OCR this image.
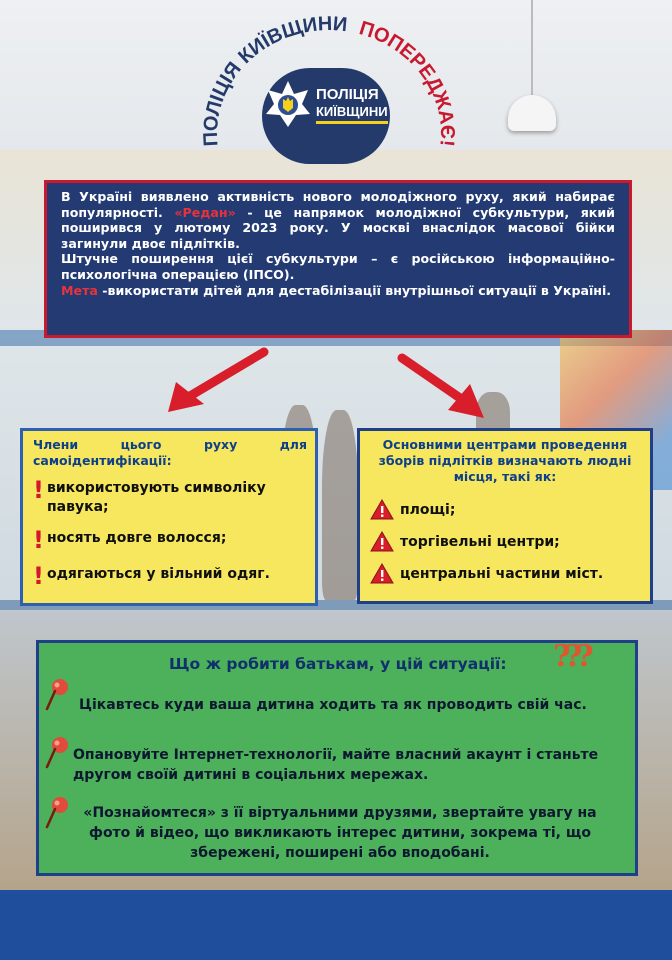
ПОЛІЦІЯ КИЇВЩИНИ ПОПЕРЕДЖАЄ!
ПОЛІЦІЯ
КИЇВЩИНИ
В Україні виявлено активність нового молодіжного руху, який набирає популярності. «Редан» - це напрямок молодіжної субкультури, який поширився у лютому 2023 року. У москві внаслідок масової бійки загинули двоє підлітків.
Штучне поширення цієї субкультури – є російською інформаційно-психологічна операцією (ІПСО).
Мета -використати дітей для дестабілізації внутрішньої ситуації в Україні.
Члени	цього	руху	для
самоідентифікації:
! використовують символіку павука;
! носять довге волосся;
! одягаються у вільний одяг.
Основними центрами проведення зборів підлітків визначають людні місця, такі як:
площі;
торгівельні центри;
центральні частини міст.
Що ж робити батькам, у цій ситуації: ???
Цікавтесь куди ваша дитина ходить та як проводить свій час.
Опановуйте Інтернет-технології, майте власний акаунт і станьте другом своїй дитині в соціальних мережах.
«Познайомтеся» з її віртуальними друзями, звертайте увагу на фото й відео, що викликають інтерес дитини, зокрема ті, що збережені, поширені або вподобані.
